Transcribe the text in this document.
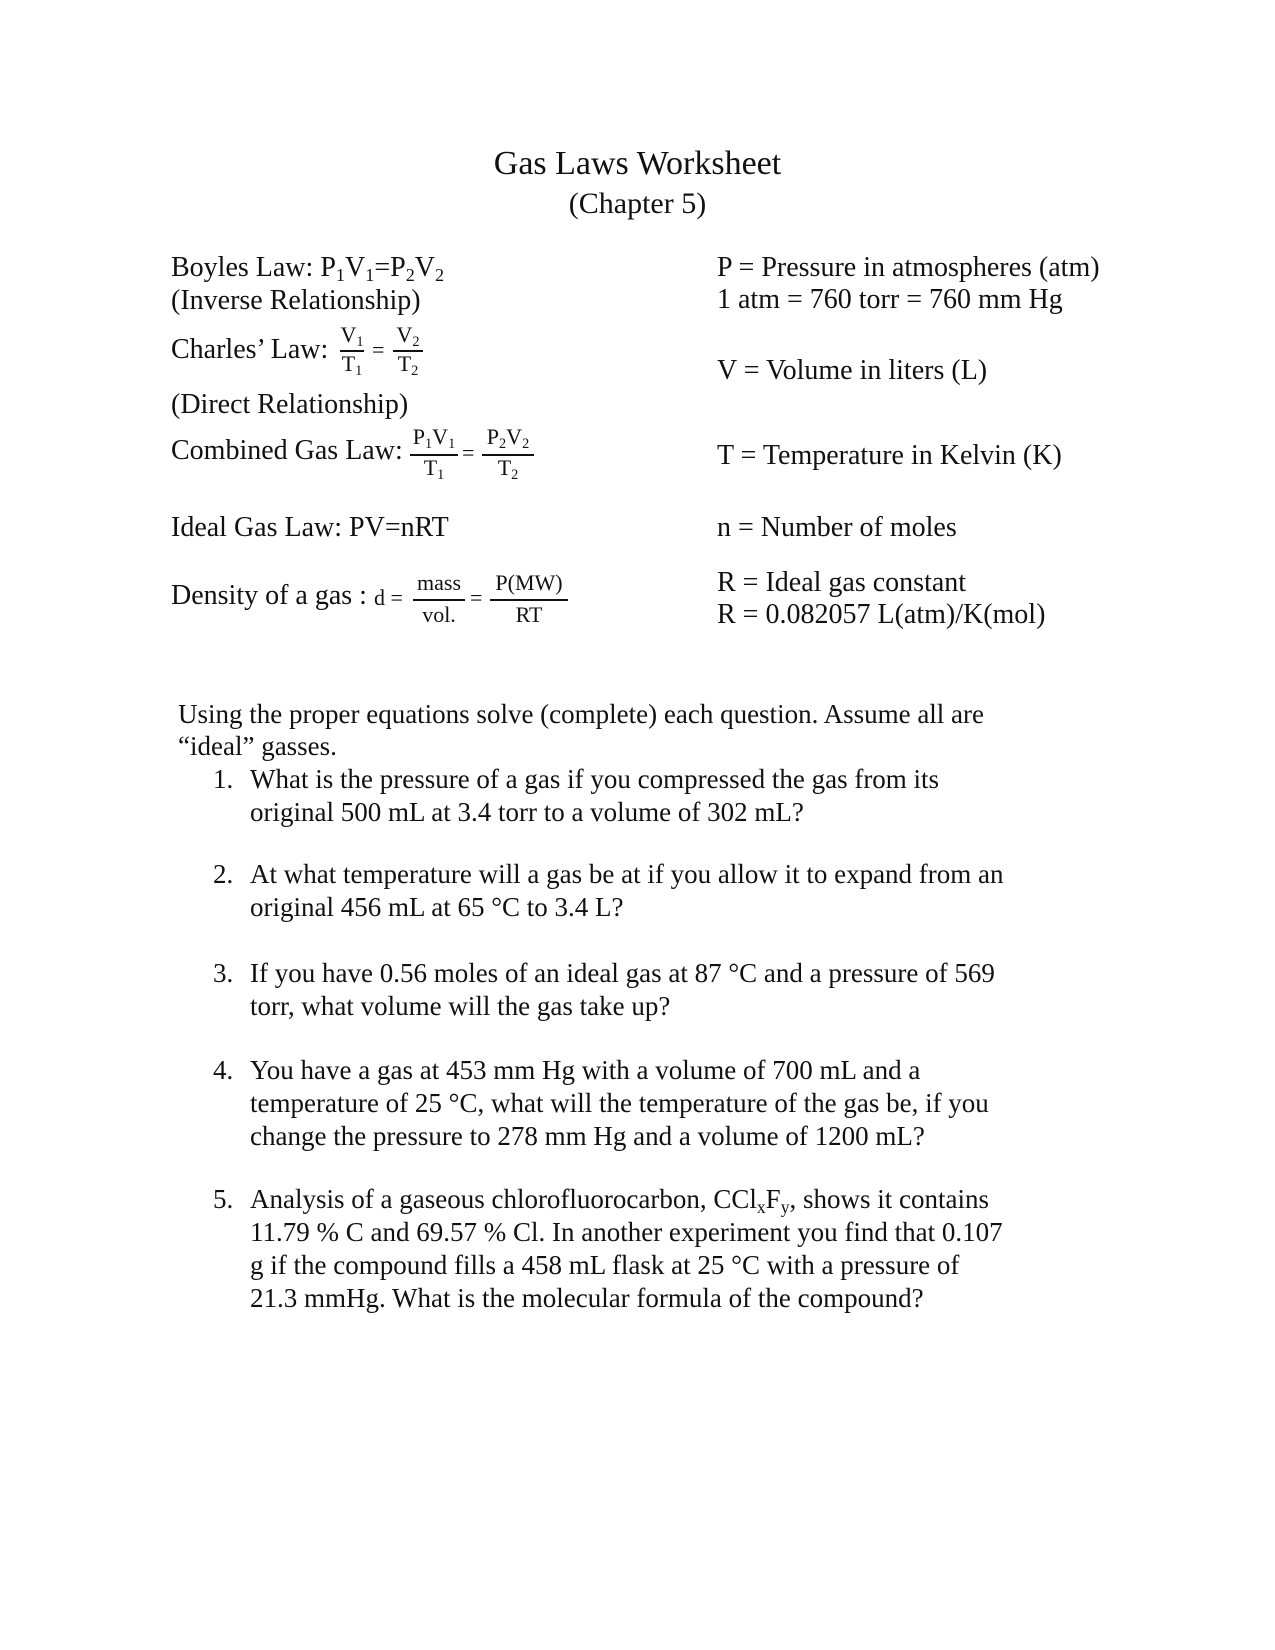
Gas Laws Worksheet
(Chapter 5)
Boyles Law: P1V1=P2V2
(Inverse Relationship)
Charles’ Law: V1
T1
=
V2
T2
(Direct Relationship)
Combined Gas Law: P1V1
T1
=
P2V2
T2
Ideal Gas Law: PV=nRT
Density of a gas : d =
mass
vol.
=
P(MW)
RT
P = Pressure in atmospheres (atm)
1 atm = 760 torr = 760 mm Hg
V = Volume in liters (L)
T = Temperature in Kelvin (K)
n = Number of moles
R = Ideal gas constant
R = 0.082057 L(atm)/K(mol)
Using the proper equations solve (complete) each question. Assume all are
“ideal” gasses.
1. What is the pressure of a gas if you compressed the gas from its
original 500 mL at 3.4 torr to a volume of 302 mL?
2. At what temperature will a gas be at if you allow it to expand from an
original 456 mL at 65 °C to 3.4 L?
3. If you have 0.56 moles of an ideal gas at 87 °C and a pressure of 569
torr, what volume will the gas take up?
4. You have a gas at 453 mm Hg with a volume of 700 mL and a
temperature of 25 °C, what will the temperature of the gas be, if you
change the pressure to 278 mm Hg and a volume of 1200 mL?
5. Analysis of a gaseous chlorofluorocarbon, CClxFy, shows it contains
11.79 % C and 69.57 % Cl. In another experiment you find that 0.107
g if the compound fills a 458 mL flask at 25 °C with a pressure of
21.3 mmHg. What is the molecular formula of the compound?
